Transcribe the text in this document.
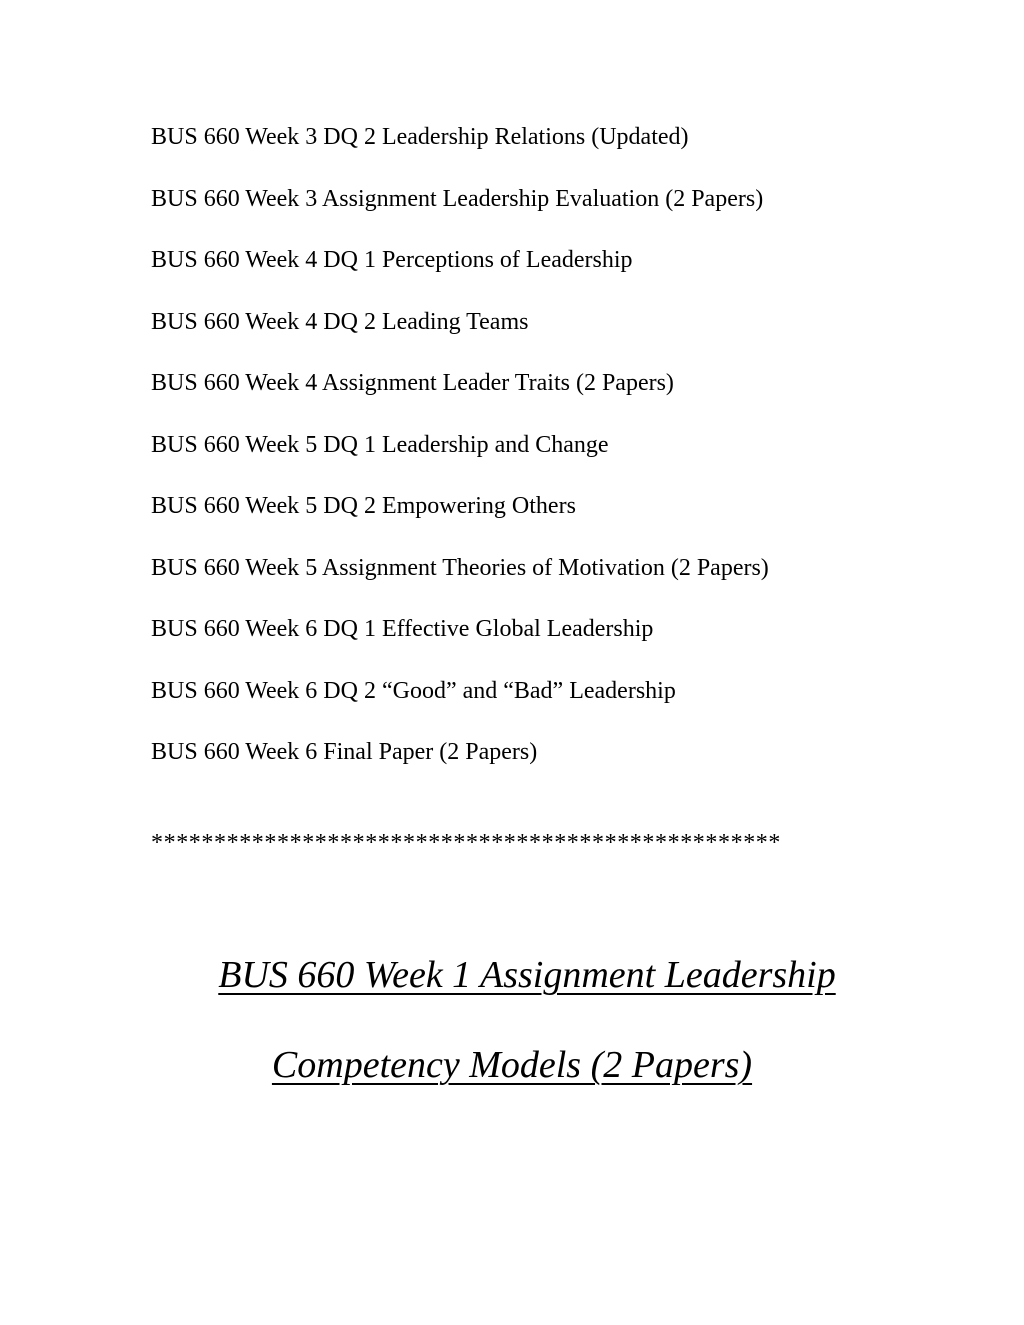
BUS 660 Week 3 DQ 2 Leadership Relations (Updated)
BUS 660 Week 3 Assignment Leadership Evaluation (2 Papers)
BUS 660 Week 4 DQ 1 Perceptions of Leadership
BUS 660 Week 4 DQ 2 Leading Teams
BUS 660 Week 4 Assignment Leader Traits (2 Papers)
BUS 660 Week 5 DQ 1 Leadership and Change
BUS 660 Week 5 DQ 2 Empowering Others
BUS 660 Week 5 Assignment Theories of Motivation (2 Papers)
BUS 660 Week 6 DQ 1 Effective Global Leadership
BUS 660 Week 6 DQ 2 “Good” and “Bad” Leadership
BUS 660 Week 6 Final Paper (2 Papers)
**************************************************
BUS 660 Week 1 Assignment Leadership
Competency Models (2 Papers)
